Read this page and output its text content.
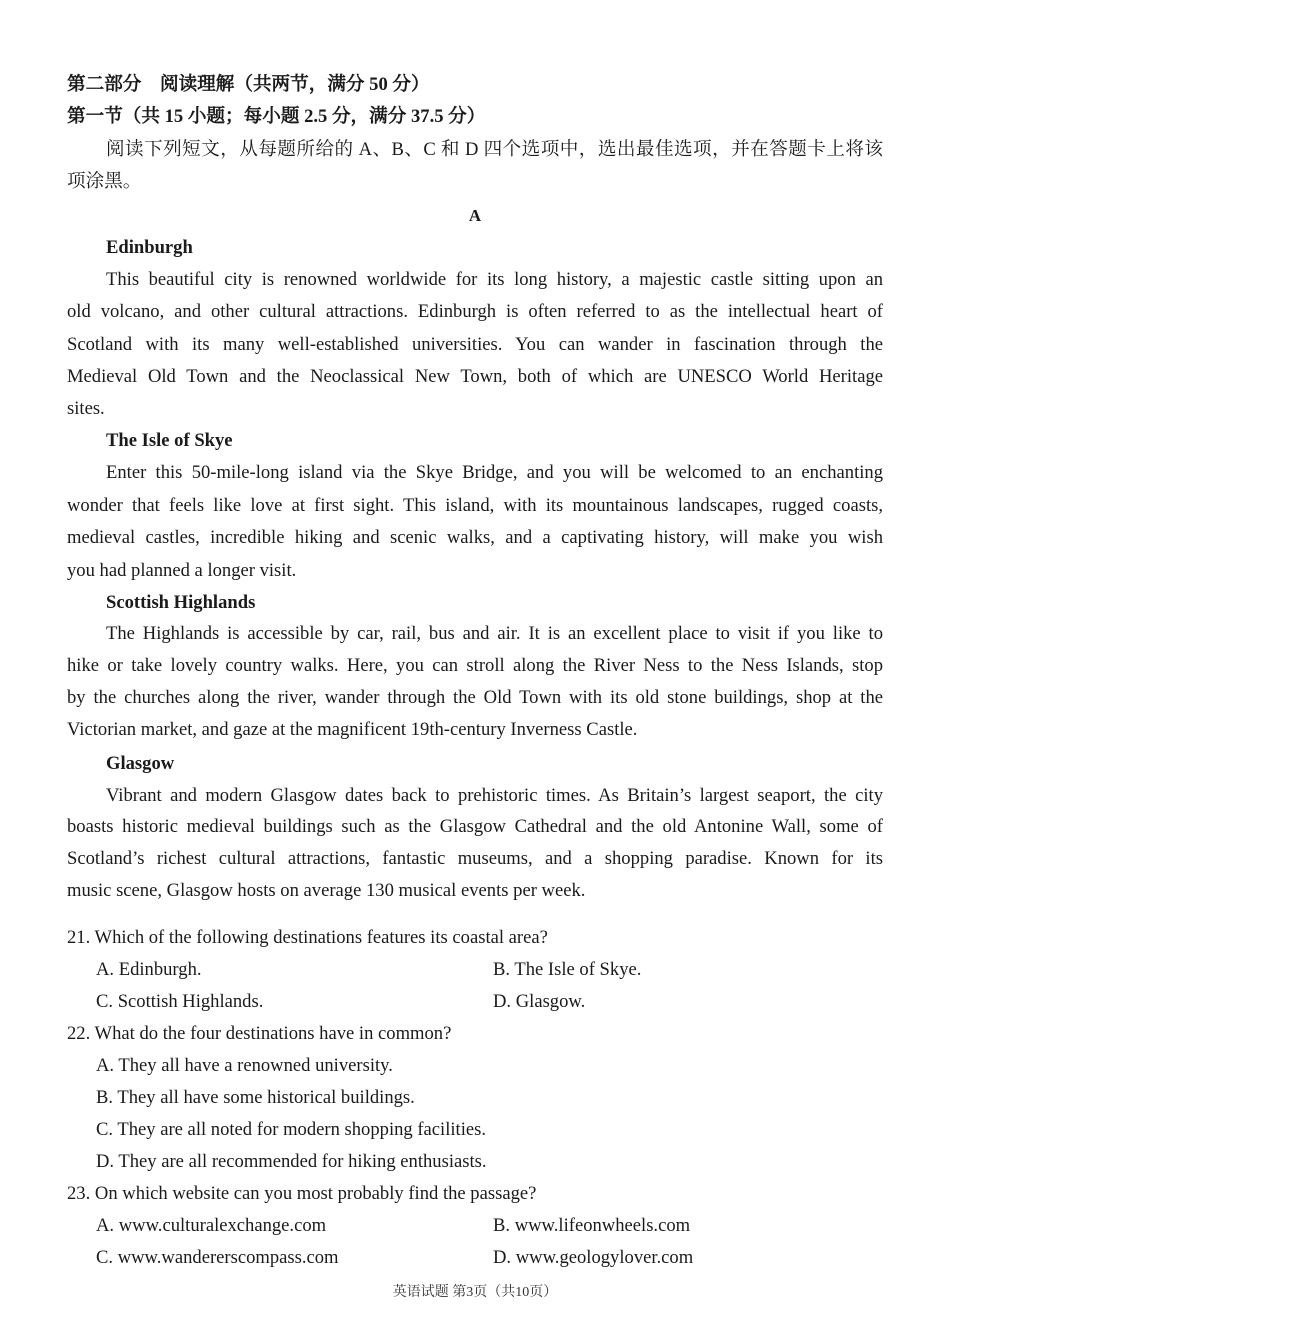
第二部分　阅读理解（共两节，满分 50 分）
第一节（共 15 小题；每小题 2.5 分，满分 37.5 分）
阅读下列短文，从每题所给的 A、B、C 和 D 四个选项中，选出最佳选项，并在答题卡上将该
项涂黑。
A
Edinburgh
This beautiful city is renowned worldwide for its long history, a majestic castle sitting upon an
old volcano, and other cultural attractions. Edinburgh is often referred to as the intellectual heart of
Scotland with its many well-established universities. You can wander in fascination through the
Medieval Old Town and the Neoclassical New Town, both of which are UNESCO World Heritage
sites.
The Isle of Skye
Enter this 50-mile-long island via the Skye Bridge, and you will be welcomed to an enchanting
wonder that feels like love at first sight. This island, with its mountainous landscapes, rugged coasts,
medieval castles, incredible hiking and scenic walks, and a captivating history, will make you wish
you had planned a longer visit.
Scottish Highlands
The Highlands is accessible by car, rail, bus and air. It is an excellent place to visit if you like to
hike or take lovely country walks. Here, you can stroll along the River Ness to the Ness Islands, stop
by the churches along the river, wander through the Old Town with its old stone buildings, shop at the
Victorian market, and gaze at the magnificent 19th-century Inverness Castle.
Glasgow
Vibrant and modern Glasgow dates back to prehistoric times. As Britain’s largest seaport, the city
boasts historic medieval buildings such as the Glasgow Cathedral and the old Antonine Wall, some of
Scotland’s richest cultural attractions, fantastic museums, and a shopping paradise. Known for its
music scene, Glasgow hosts on average 130 musical events per week.
21. Which of the following destinations features its coastal area?
A. Edinburgh.	B. The Isle of Skye.
C. Scottish Highlands.	D. Glasgow.
22. What do the four destinations have in common?
A. They all have a renowned university.
B. They all have some historical buildings.
C. They are all noted for modern shopping facilities.
D. They are all recommended for hiking enthusiasts.
23. On which website can you most probably find the passage?
A. www.culturalexchange.com	B. www.lifeonwheels.com
C. www.wandererscompass.com	D. www.geologylover.com
英语试题 第3页（共10页）
